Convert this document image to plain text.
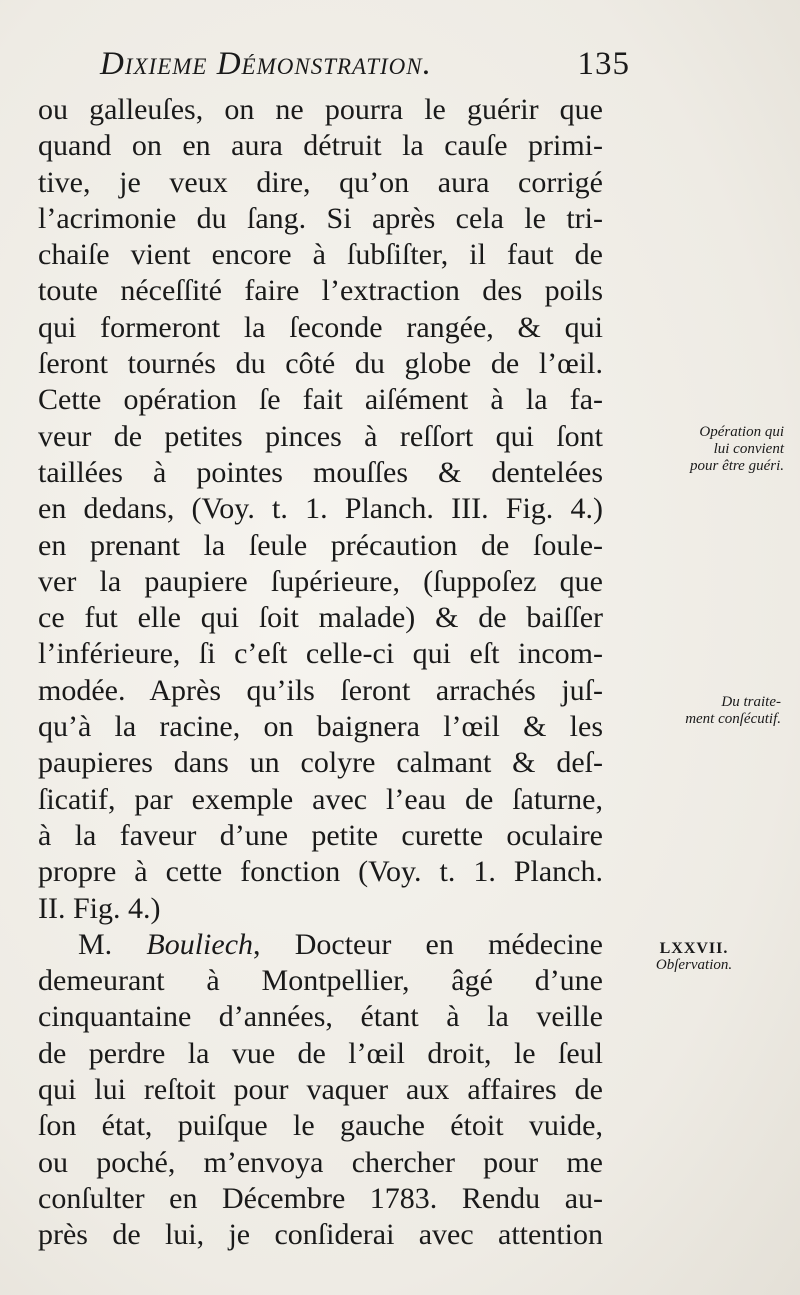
Dixieme Démonstration.	135
ou galleuſes, on ne pourra le guérir que
quand on en aura détruit la cauſe primi-
tive, je veux dire, qu’on aura corrigé
l’acrimonie du ſang. Si après cela le tri-
chaiſe vient encore à ſubſiſter, il faut de
toute néceſſité faire l’extraction des poils
qui formeront la ſeconde rangée, & qui
ſeront tournés du côté du globe de l’œil.
Cette opération ſe fait aiſément à la fa-
veur de petites pinces à reſſort qui ſont
taillées à pointes mouſſes & dentelées
en dedans, (Voy. t. 1. Planch. III. Fig. 4.)
en prenant la ſeule précaution de ſoule-
ver la paupiere ſupérieure, (ſuppoſez que
ce fut elle qui ſoit malade) & de baiſſer
l’inférieure, ſi c’eſt celle-ci qui eſt incom-
modée. Après qu’ils ſeront arrachés juſ-
qu’à la racine, on baignera l’œil & les
paupieres dans un colyre calmant & deſ-
ſicatif, par exemple avec l’eau de ſaturne,
à la faveur d’une petite curette oculaire
propre à cette fonction (Voy. t. 1. Planch.
II. Fig. 4.)
M. Bouliech, Docteur en médecine
demeurant à Montpellier, âgé d’une
cinquantaine d’années, étant à la veille
de perdre la vue de l’œil droit, le ſeul
qui lui reſtoit pour vaquer aux affaires de
ſon état, puiſque le gauche étoit vuide,
ou poché, m’envoya chercher pour me
conſulter en Décembre 1783. Rendu au-
près de lui, je conſiderai avec attention
Opération qui
lui convient
pour être guéri.
Du traite-
ment conſécutif.
LXXVII.
Obſervation.
